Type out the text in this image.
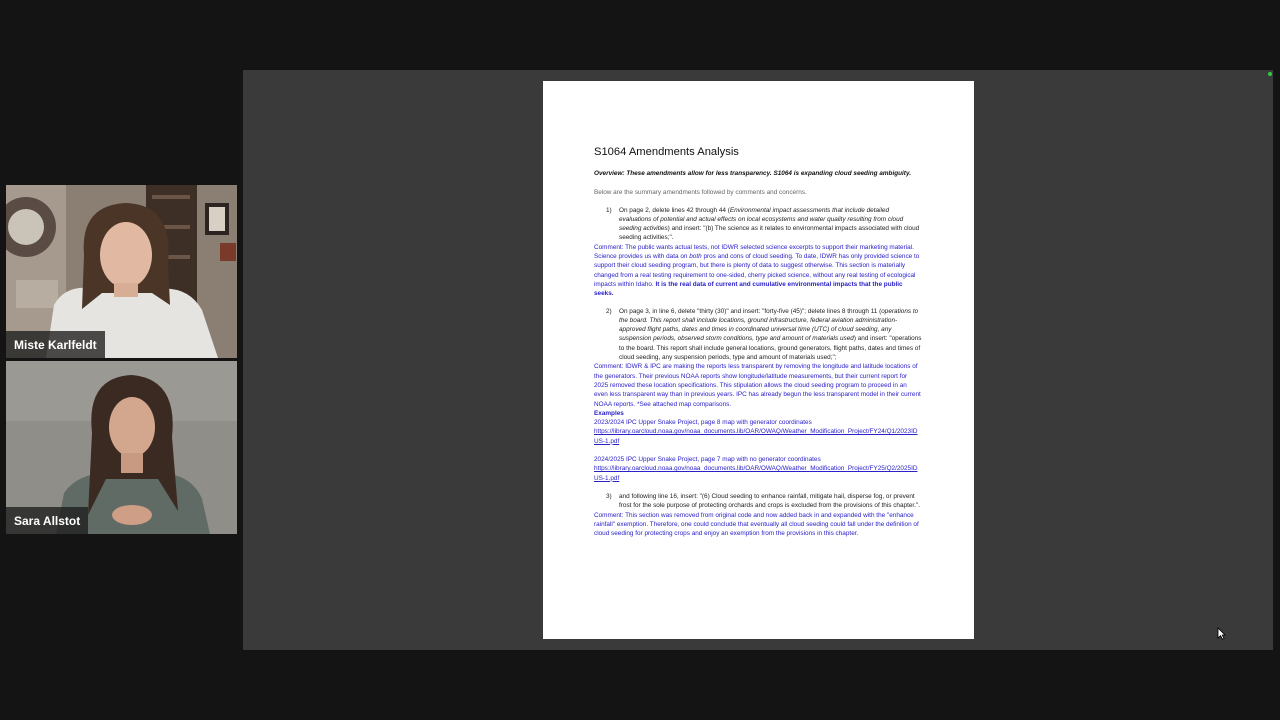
S1064 Amendments Analysis

Overview: These amendments allow for less transparency. S1064 is expanding cloud seeding ambiguity.

Below are the summary amendments followed by comments and concerns.

1)	On page 2, delete lines 42 through 44 (Environmental impact assessments that include detailed evaluations of potential and actual effects on local ecosystems and water quality resulting from cloud seeding activities) and insert: "(b) The science as it relates to environmental impacts associated with cloud seeding activities;".

Comment: The public wants actual tests, not IDWR selected science excerpts to support their marketing material. Science provides us with data on both pros and cons of cloud seeding. To date, IDWR has only provided science to support their cloud seeding program, but there is plenty of data to suggest otherwise. This section is materially changed from a real testing requirement to one-sided, cherry picked science, without any real testing of ecological impacts within Idaho. It is the real data of current and cumulative environmental impacts that the public seeks.

2)	On page 3, in line 6, delete "thirty (30)" and insert: "forty-five (45)"; delete lines 8 through 11 (operations to the board. This report shall include locations, ground infrastructure, federal aviation administration-approved flight paths, dates and times in coordinated universal time (UTC) of cloud seeding, any suspension periods, observed storm conditions, type and amount of materials used) and insert: "operations to the board. This report shall include general locations, ground generators, flight paths, dates and times of cloud seeding, any suspension periods, type and amount of materials used;";

Comment: IDWR & IPC are making the reports less transparent by removing the longitude and latitude locations of the generators. Their previous NOAA reports show longitude/latitude measurements, but their current report for 2025 removed these location specifications. This stipulation allows the cloud seeding program to proceed in an even less transparent way than in previous years. IPC has already begun the less transparent model in their current NOAA reports. *See attached map comparisons.

Examples

2023/2024 IPC Upper Snake Project, page 8 map with generator coordinates

https://library.oarcloud.noaa.gov/noaa_documents.lib/OAR/OWAQ/Weather_Modification_Project/FY24/Q1/2023IDUS-1.pdf

2024/2025 IPC Upper Snake Project, page 7 map with no generator coordinates

https://library.oarcloud.noaa.gov/noaa_documents.lib/OAR/OWAQ/Weather_Modification_Project/FY25/Q2/2025IDUS-1.pdf

3)	and following line 16, insert: "(6) Cloud seeding to enhance rainfall, mitigate hail, disperse fog, or prevent frost for the sole purpose of protecting orchards and crops is excluded from the provisions of this chapter.".

Comment: This section was removed from original code and now added back in and expanded with the "enhance rainfall" exemption. Therefore, one could conclude that eventually all cloud seeding could fall under the definition of cloud seeding for protecting crops and enjoy an exemption from the provisions in this chapter.

Miste Karlfeldt
Sara Allstot
